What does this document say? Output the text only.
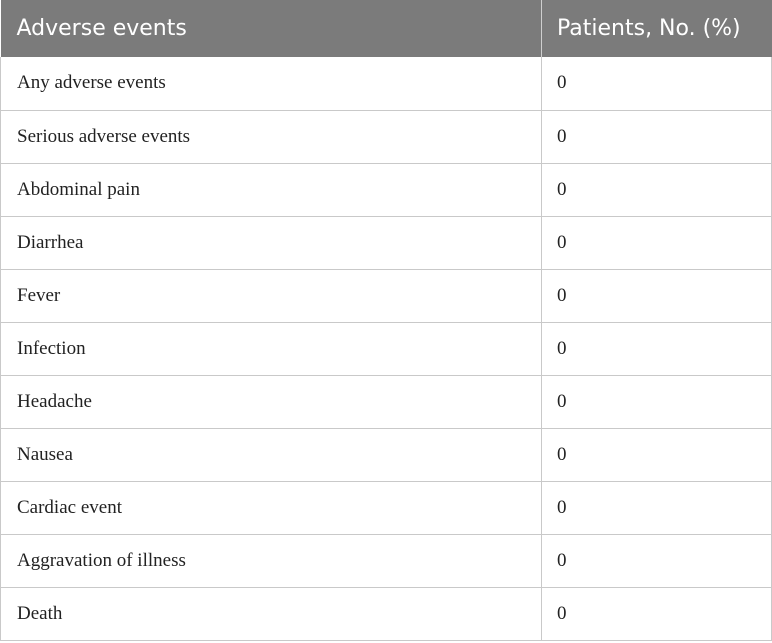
Adverse events	Patients, No. (%)
Any adverse events	0
Serious adverse events	0
Abdominal pain	0
Diarrhea	0
Fever	0
Infection	0
Headache	0
Nausea	0
Cardiac event	0
Aggravation of illness	0
Death	0
